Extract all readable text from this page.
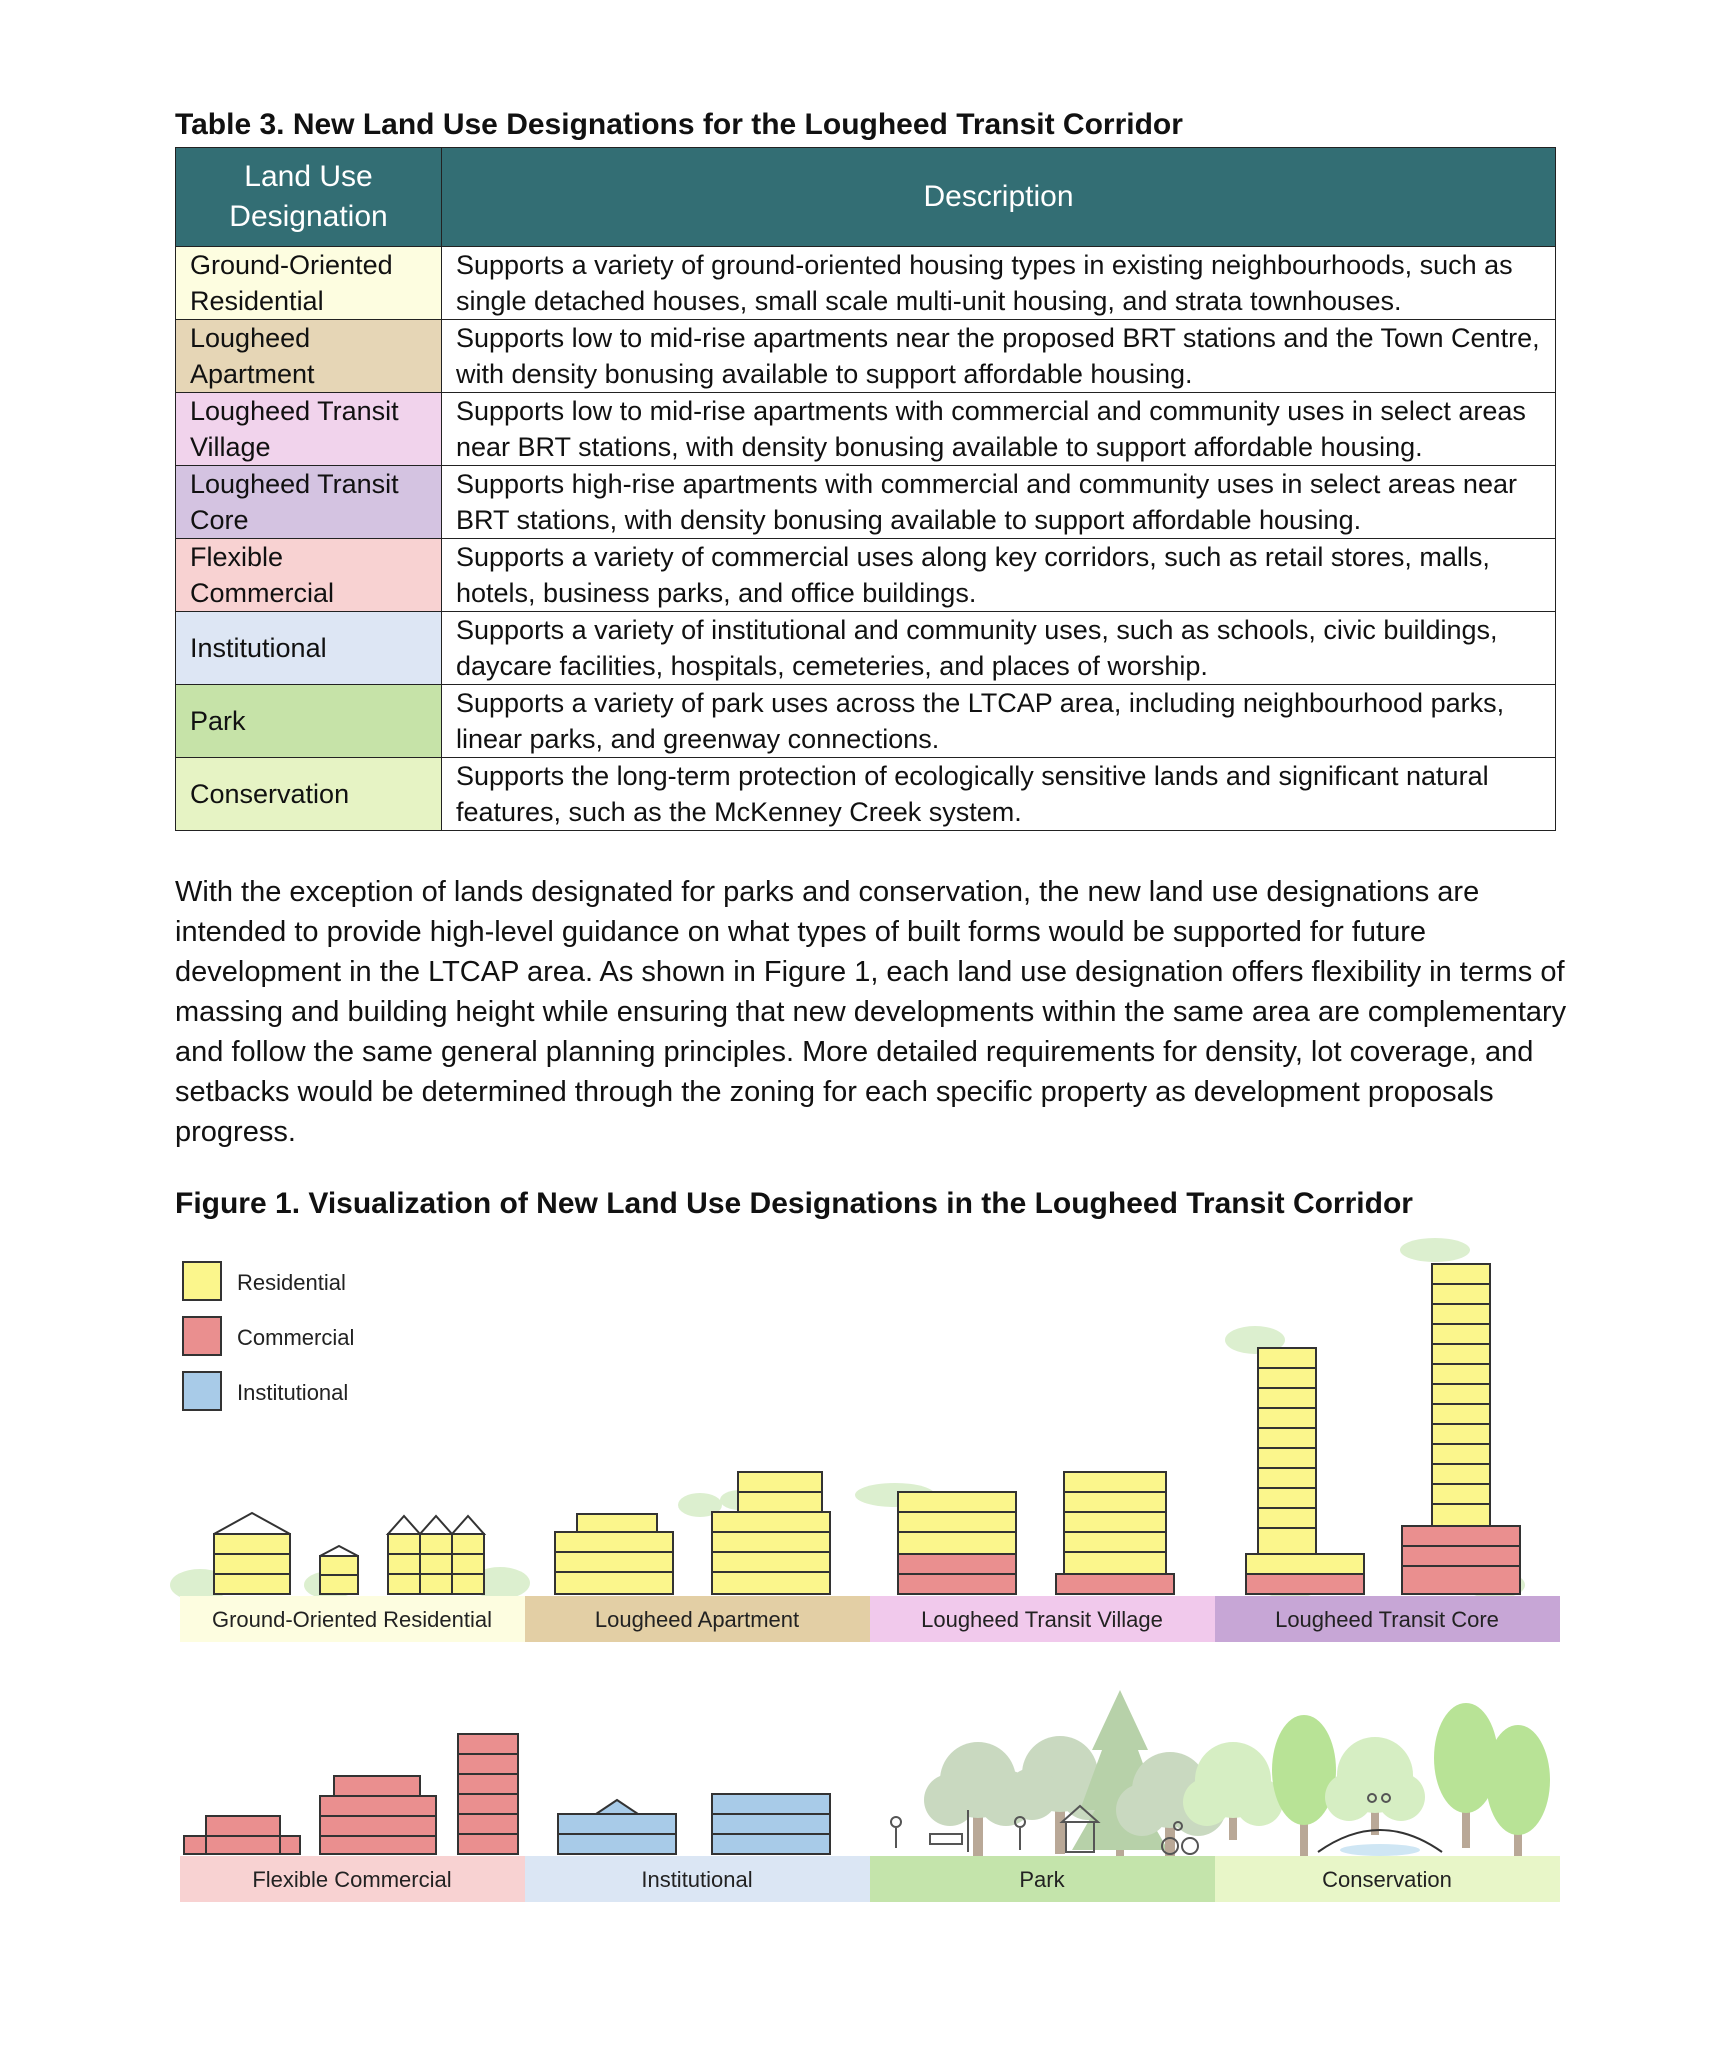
Table 3. New Land Use Designations for the Lougheed Transit Corridor
Land Use Designation	Description
Ground-Oriented Residential	Supports a variety of ground-oriented housing types in existing neighbourhoods, such as single detached houses, small scale multi-unit housing, and strata townhouses.
Lougheed Apartment	Supports low to mid-rise apartments near the proposed BRT stations and the Town Centre, with density bonusing available to support affordable housing.
Lougheed Transit Village	Supports low to mid-rise apartments with commercial and community uses in select areas near BRT stations, with density bonusing available to support affordable housing.
Lougheed Transit Core	Supports high-rise apartments with commercial and community uses in select areas near BRT stations, with density bonusing available to support affordable housing.
Flexible Commercial	Supports a variety of commercial uses along key corridors, such as retail stores, malls, hotels, business parks, and office buildings.
Institutional	Supports a variety of institutional and community uses, such as schools, civic buildings, daycare facilities, hospitals, cemeteries, and places of worship.
Park	Supports a variety of park uses across the LTCAP area, including neighbourhood parks, linear parks, and greenway connections.
Conservation	Supports the long-term protection of ecologically sensitive lands and significant natural features, such as the McKenney Creek system.

With the exception of lands designated for parks and conservation, the new land use designations are intended to provide high-level guidance on what types of built forms would be supported for future development in the LTCAP area. As shown in Figure 1, each land use designation offers flexibility in terms of massing and building height while ensuring that new developments within the same area are complementary and follow the same general planning principles. More detailed requirements for density, lot coverage, and setbacks would be determined through the zoning for each specific property as development proposals progress.

Figure 1. Visualization of New Land Use Designations in the Lougheed Transit Corridor
Residential
Commercial
Institutional
Ground-Oriented Residential	Lougheed Apartment	Lougheed Transit Village	Lougheed Transit Core
Flexible Commercial	Institutional	Park	Conservation
